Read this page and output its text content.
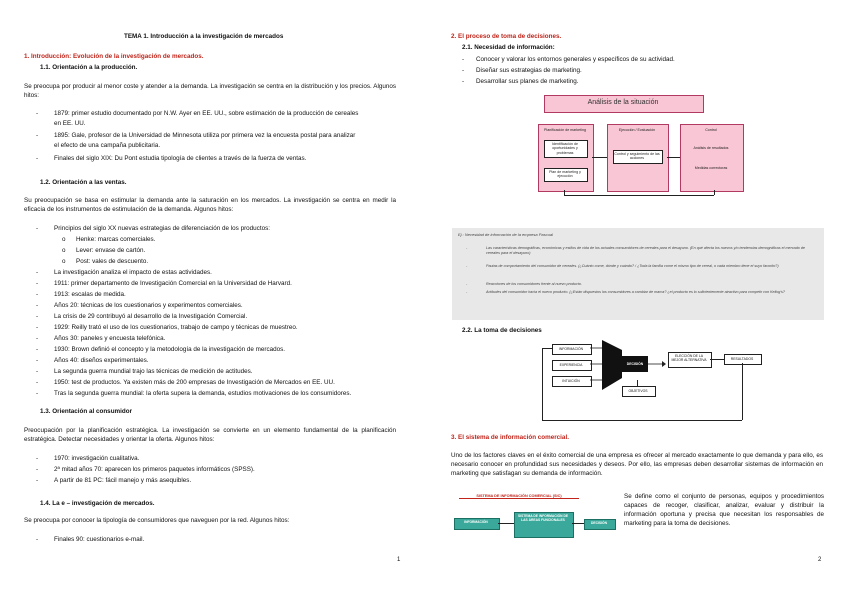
TEMA 1. Introducción a la investigación de mercados
1. Introducción: Evolución de la investigación de mercados.
1.1. Orientación a la producción.
Se preocupa por producir al menor coste y atender a la demanda. La investigación se centra en la distribución y los precios. Algunos hitos:
-	1879: primer estudio documentado por N.W. Ayer en EE. UU., sobre estimación de la producción de cereales
en EE. UU.
-	1895: Gale, profesor de la Universidad de Minnesota utiliza por primera vez la encuesta postal para analizar
el efecto de una campaña publicitaria.
-	Finales del siglo XIX: Du Pont estudia tipología de clientes a través de la fuerza de ventas.
1.2. Orientación a las ventas.
Su preocupación se basa en estimular la demanda ante la saturación en los mercados. La investigación se centra en medir la eficacia de los instrumentos de estimulación de la demanda. Algunos hitos:
-	Principios del siglo XX nuevas estrategias de diferenciación de los productos:
o Henke: marcas comerciales.
o Lever: envase de cartón.
o Post: vales de descuento.
-	La investigación analiza el impacto de estas actividades.
-	1911: primer departamento de Investigación Comercial en la Universidad de Harvard.
-	1913: escalas de medida.
-	Años 20: técnicas de los cuestionarios y experimentos comerciales.
-	La crisis de 29 contribuyó al desarrollo de la Investigación Comercial.
-	1929: Reilly trató el uso de los cuestionarios, trabajo de campo y técnicas de muestreo.
-	Años 30: paneles y encuesta telefónica.
-	1930: Brown definió el concepto y la metodología de la investigación de mercados.
-	Años 40: diseños experimentales.
-	La segunda guerra mundial trajo las técnicas de medición de actitudes.
-	1950: test de productos. Ya existen más de 200 empresas de Investigación de Mercados en EE. UU.
-	Tras la segunda guerra mundial: la oferta supera la demanda, estudios motivaciones de los consumidores.
1.3. Orientación al consumidor
Preocupación por la planificación estratégica. La investigación se convierte en un elemento fundamental de la planificación estratégica. Detectar necesidades y orientar la oferta. Algunos hitos:
-	1970: investigación cualitativa.
-	2ª mitad años 70: aparecen los primeros paquetes informáticos (SPSS).
-	A partir de 81 PC: fácil manejo y más asequibles.
1.4. La e – investigación de mercados.
Se preocupa por conocer la tipología de consumidores que naveguen por la red. Algunos hitos:
-	Finales 90: cuestionarios e-mail.
1
2. El proceso de toma de decisiones.
2.1. Necesidad de información:
- Conocer y valorar los entornos generales y específicos de su actividad.
- Diseñar sus estrategias de marketing.
- Desarrollar sus planes de marketing.
Análisis de la situación
Planificación de marketing
Identificación de oportunidades y problemas
Plan de marketing y ejecución
Ejecución / Evaluación
Control y seguimiento de las acciones
Control
Análisis de resultados
Medidas correctoras
Ej.: Necesidad de información de la empresa Pascual
-	Las características demográficas, económicas y estilos de vida de los actuales consumidores de cereales para el desayuno. (En qué afecta los nuevos y/o tendencias demográficas el mercado de cereales para el desayuno)
-	Pautas de comportamiento del consumidor de cereales. (¿Cuánto come, dónde y cuándo? / ¿Toda la familia come el mismo tipo de cereal, o cada miembro tiene el suyo favorito?)
-	Reacciones de los consumidores frente al nuevo producto.
-	Actitudes del consumidor hacia el nuevo producto. (¿Están dispuestos los consumidores a cambiar de marca? ¿el producto es lo suficientemente atractivo para competir con Kellog's?
2.2. La toma de decisiones
INFORMACIÓN
EXPERIENCIA
INTUICIÓN
DECISIÓN
ELECCIÓN DE LA MEJOR ALTERNATIVA	RESULTADOS
OBJETIVOS
3. El sistema de información comercial.
Uno de los factores claves en el éxito comercial de una empresa es ofrecer al mercado exactamente lo que demanda y para ello, es necesario conocer en profundidad sus necesidades y deseos. Por ello, las empresas deben desarrollar sistemas de información en marketing que satisfagan su demanda de información.
SISTEMA DE INFORMACIÓN COMERCIAL (SIC)
INFORMACIÓN
SISTEMA DE INFORMACIÓN DE LAS ÁREAS FUNCIONALES
DECISIÓN
Se define como el conjunto de personas, equipos y procedimientos capaces de recoger, clasificar, analizar, evaluar y distribuir la información oportuna y precisa que necesitan los responsables de marketing para la toma de decisiones.
2
